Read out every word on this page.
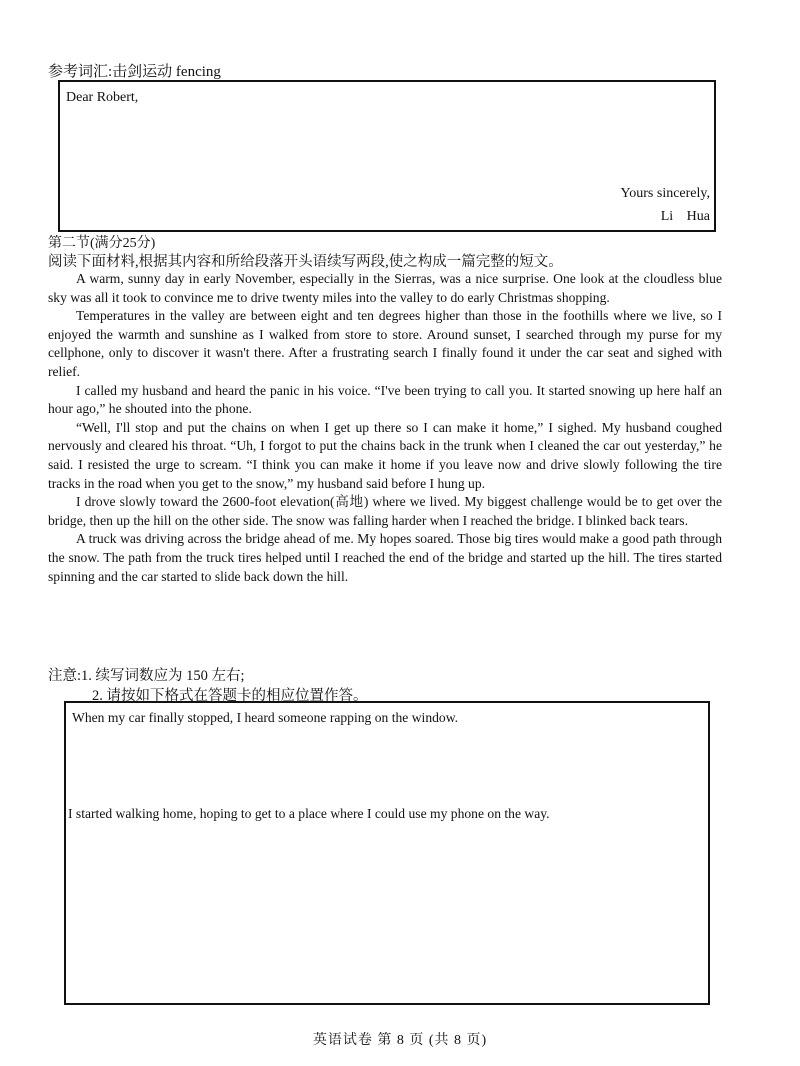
参考词汇:击剑运动 fencing
Dear Robert,
Yours sincerely,
Li Hua
第二节(满分25分)
阅读下面材料,根据其内容和所给段落开头语续写两段,使之构成一篇完整的短文。

A warm, sunny day in early November, especially in the Sierras, was a nice surprise. One look at the cloudless blue sky was all it took to convince me to drive twenty miles into the valley to do early Christmas shopping.

Temperatures in the valley are between eight and ten degrees higher than those in the foothills where we live, so I enjoyed the warmth and sunshine as I walked from store to store. Around sunset, I searched through my purse for my cellphone, only to discover it wasn't there. After a frustrating search I finally found it under the car seat and sighed with relief.

I called my husband and heard the panic in his voice. “I've been trying to call you. It started snowing up here half an hour ago,” he shouted into the phone.

“Well, I'll stop and put the chains on when I get up there so I can make it home,” I sighed. My husband coughed nervously and cleared his throat. “Uh, I forgot to put the chains back in the trunk when I cleaned the car out yesterday,” he said. I resisted the urge to scream. “I think you can make it home if you leave now and drive slowly following the tire tracks in the road when you get to the snow,” my husband said before I hung up.

I drove slowly toward the 2600-foot elevation(高地) where we lived. My biggest challenge would be to get over the bridge, then up the hill on the other side. The snow was falling harder when I reached the bridge. I blinked back tears.

A truck was driving across the bridge ahead of me. My hopes soared. Those big tires would make a good path through the snow. The path from the truck tires helped until I reached the end of the bridge and started up the hill. The tires started spinning and the car started to slide back down the hill.

注意:1. 续写词数应为 150 左右;
2. 请按如下格式在答题卡的相应位置作答。
When my car finally stopped, I heard someone rapping on the window.
I started walking home, hoping to get to a place where I could use my phone on the way.
英语试卷 第 8 页 (共 8 页)
